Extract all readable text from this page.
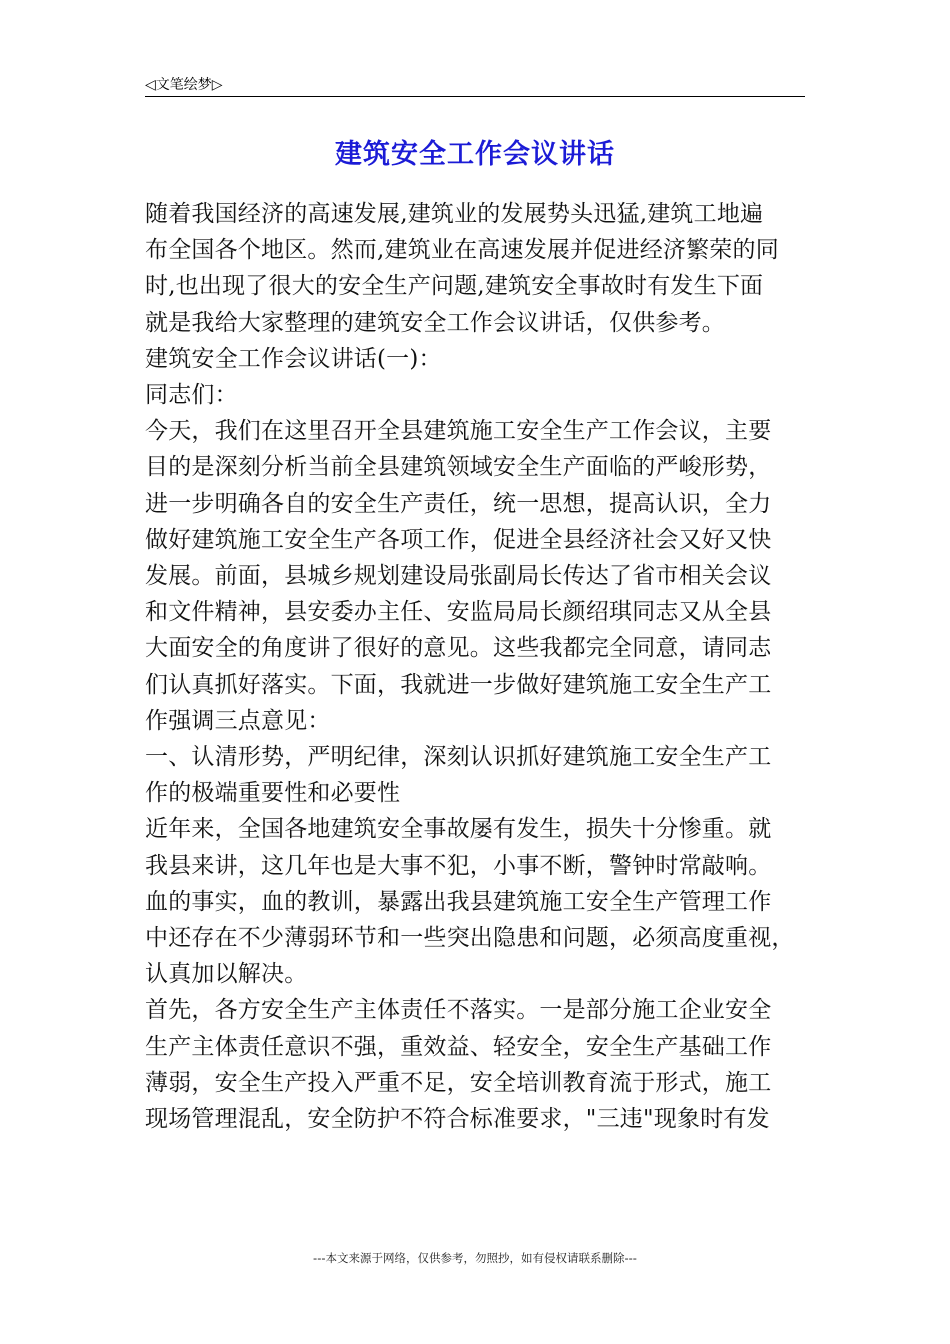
◁文笔绘梦▷
建筑安全工作会议讲话
随着我国经济的高速发展,建筑业的发展势头迅猛,建筑工地遍
布全国各个地区。然而,建筑业在高速发展并促进经济繁荣的同
时,也出现了很大的安全生产问题,建筑安全事故时有发生下面
就是我给大家整理的建筑安全工作会议讲话，仅供参考。
建筑安全工作会议讲话(一)：
同志们：
今天，我们在这里召开全县建筑施工安全生产工作会议，主要
目的是深刻分析当前全县建筑领域安全生产面临的严峻形势，
进一步明确各自的安全生产责任，统一思想，提高认识，全力
做好建筑施工安全生产各项工作，促进全县经济社会又好又快
发展。前面，县城乡规划建设局张副局长传达了省市相关会议
和文件精神，县安委办主任、安监局局长颜绍琪同志又从全县
大面安全的角度讲了很好的意见。这些我都完全同意，请同志
们认真抓好落实。下面，我就进一步做好建筑施工安全生产工
作强调三点意见：
一、认清形势，严明纪律，深刻认识抓好建筑施工安全生产工
作的极端重要性和必要性
近年来，全国各地建筑安全事故屡有发生，损失十分惨重。就
我县来讲，这几年也是大事不犯，小事不断，警钟时常敲响。
血的事实，血的教训，暴露出我县建筑施工安全生产管理工作
中还存在不少薄弱环节和一些突出隐患和问题，必须高度重视，
认真加以解决。
首先，各方安全生产主体责任不落实。一是部分施工企业安全
生产主体责任意识不强，重效益、轻安全，安全生产基础工作
薄弱，安全生产投入严重不足，安全培训教育流于形式，施工
现场管理混乱，安全防护不符合标准要求，"三违"现象时有发
---本文来源于网络，仅供参考，勿照抄，如有侵权请联系删除---
